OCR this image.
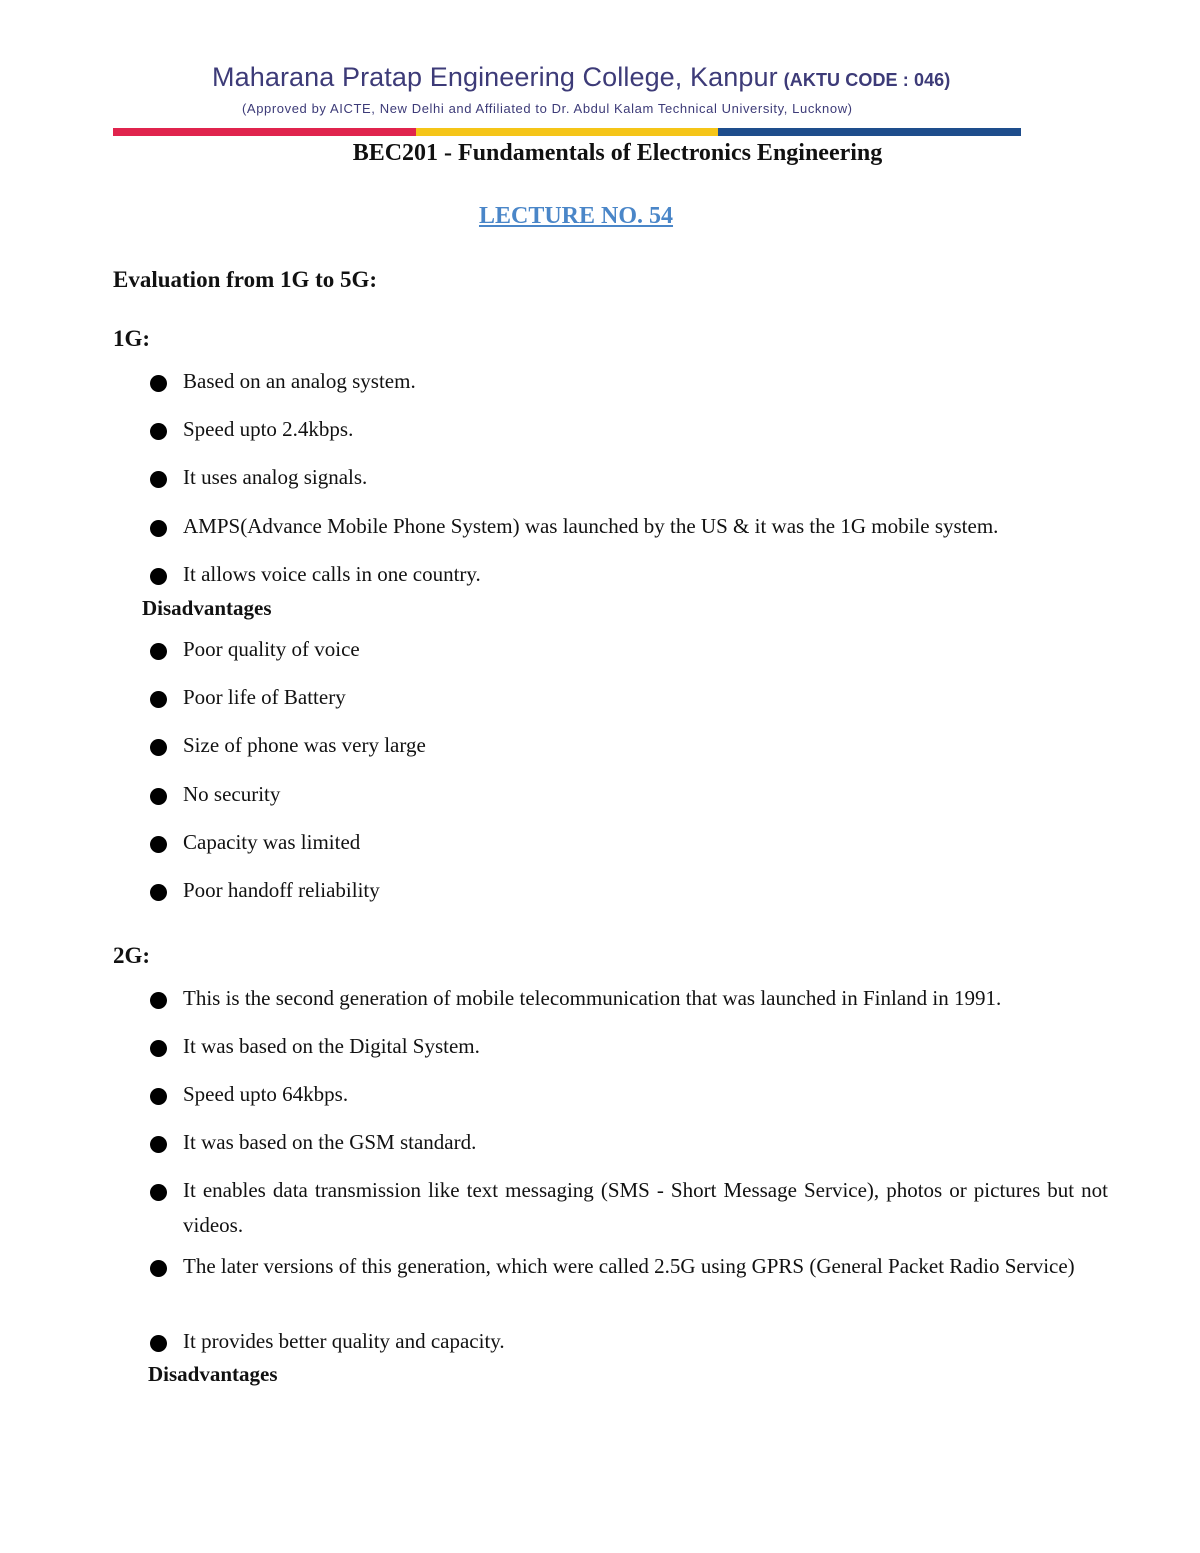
Maharana Pratap Engineering College, Kanpur (AKTU CODE : 046)
(Approved by AICTE, New Delhi and Affiliated to Dr. Abdul Kalam Technical University, Lucknow)
BEC201 - Fundamentals of Electronics Engineering
LECTURE NO. 54
Evaluation from 1G to 5G:
1G:
Based on an analog system.
Speed upto 2.4kbps.
It uses analog signals.
AMPS(Advance Mobile Phone System) was launched by the US & it was the 1G mobile system.
It allows voice calls in one country.
Disadvantages
Poor quality of voice
Poor life of Battery
Size of phone was very large
No security
Capacity was limited
Poor handoff reliability
2G:
This is the second generation of mobile telecommunication that was launched in Finland in 1991.
It was based on the Digital System.
Speed upto 64kbps.
It was based on the GSM standard.
It enables data transmission like text messaging (SMS - Short Message Service), photos or pictures but not videos.
The later versions of this generation, which were called 2.5G using GPRS (General Packet Radio Service)
It provides better quality and capacity.
Disadvantages
